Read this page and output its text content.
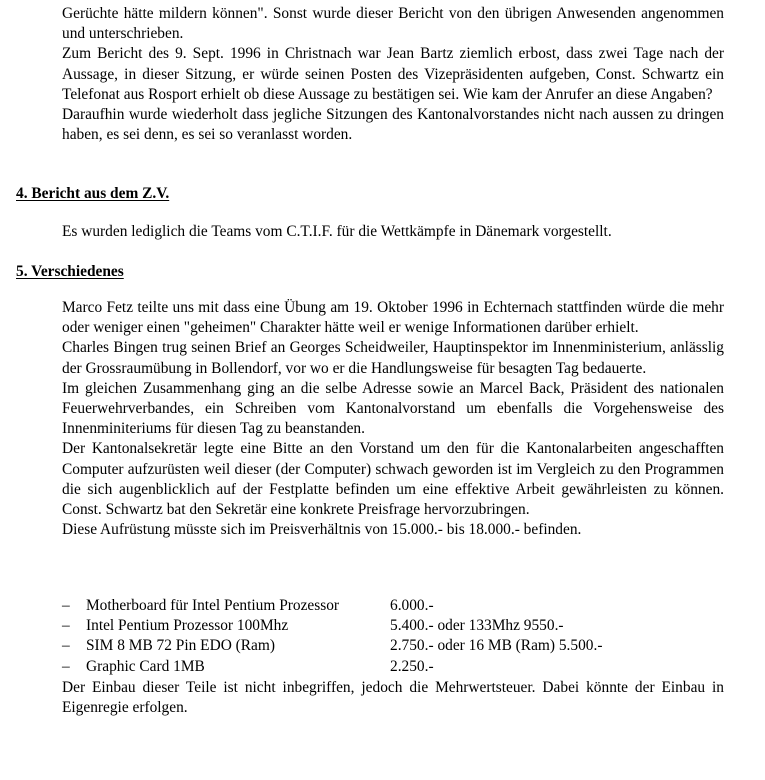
Gerüchte hätte mildern können". Sonst wurde dieser Bericht von den übrigen Anwesenden angenommen und unterschrieben.

Zum Bericht des 9. Sept. 1996 in Christnach war Jean Bartz ziemlich erbost, dass zwei Tage nach der Aussage, in dieser Sitzung, er würde seinen Posten des Vizepräsidenten aufgeben, Const. Schwartz ein Telefonat aus Rosport erhielt ob diese Aussage zu bestätigen sei. Wie kam der Anrufer an diese Angaben?

Daraufhin wurde wiederholt dass jegliche Sitzungen des Kantonalvorstandes nicht nach aussen zu dringen haben, es sei denn, es sei so veranlasst worden.

4. Bericht aus dem Z.V.
Es wurden lediglich die Teams vom C.T.I.F. für die Wettkämpfe in Dänemark vorgestellt.
5. Verschiedenes

Marco Fetz teilte uns mit dass eine Übung am 19. Oktober 1996 in Echternach stattfinden würde die mehr oder weniger einen "geheimen" Charakter hätte weil er wenige Informationen darüber erhielt.

Charles Bingen trug seinen Brief an Georges Scheidweiler, Hauptinspektor im Innenministerium, anlässlig der Grossraumübung in Bollendorf, vor wo er die Handlungsweise für besagten Tag bedauerte.

Im gleichen Zusammenhang ging an die selbe Adresse sowie an Marcel Back, Präsident des nationalen Feuerwehrverbandes, ein Schreiben vom Kantonalvorstand um ebenfalls die Vorgehensweise des Innenminiteriums für diesen Tag zu beanstanden.

Der Kantonalsekretär legte eine Bitte an den Vorstand um den für die Kantonalarbeiten angeschafften Computer aufzurüsten weil dieser (der Computer) schwach geworden ist im Vergleich zu den Programmen die sich augenblicklich auf der Festplatte befinden um eine effektive Arbeit gewährleisten zu können. Const. Schwartz bat den Sekretär eine konkrete Preisfrage hervorzubringen.

Diese Aufrüstung müsste sich im Preisverhältnis von 15.000.- bis 18.000.- befinden.

– Motherboard für Intel Pentium Prozessor	6.000.-
– Intel Pentium Prozessor 100Mhz	5.400.- oder 133Mhz 9550.-
– SIM 8 MB 72 Pin EDO (Ram)	2.750.- oder 16 MB (Ram) 5.500.-
– Graphic Card 1MB	2.250.-

Der Einbau dieser Teile ist nicht inbegriffen, jedoch die Mehrwertsteuer. Dabei könnte der Einbau in Eigenregie erfolgen.
